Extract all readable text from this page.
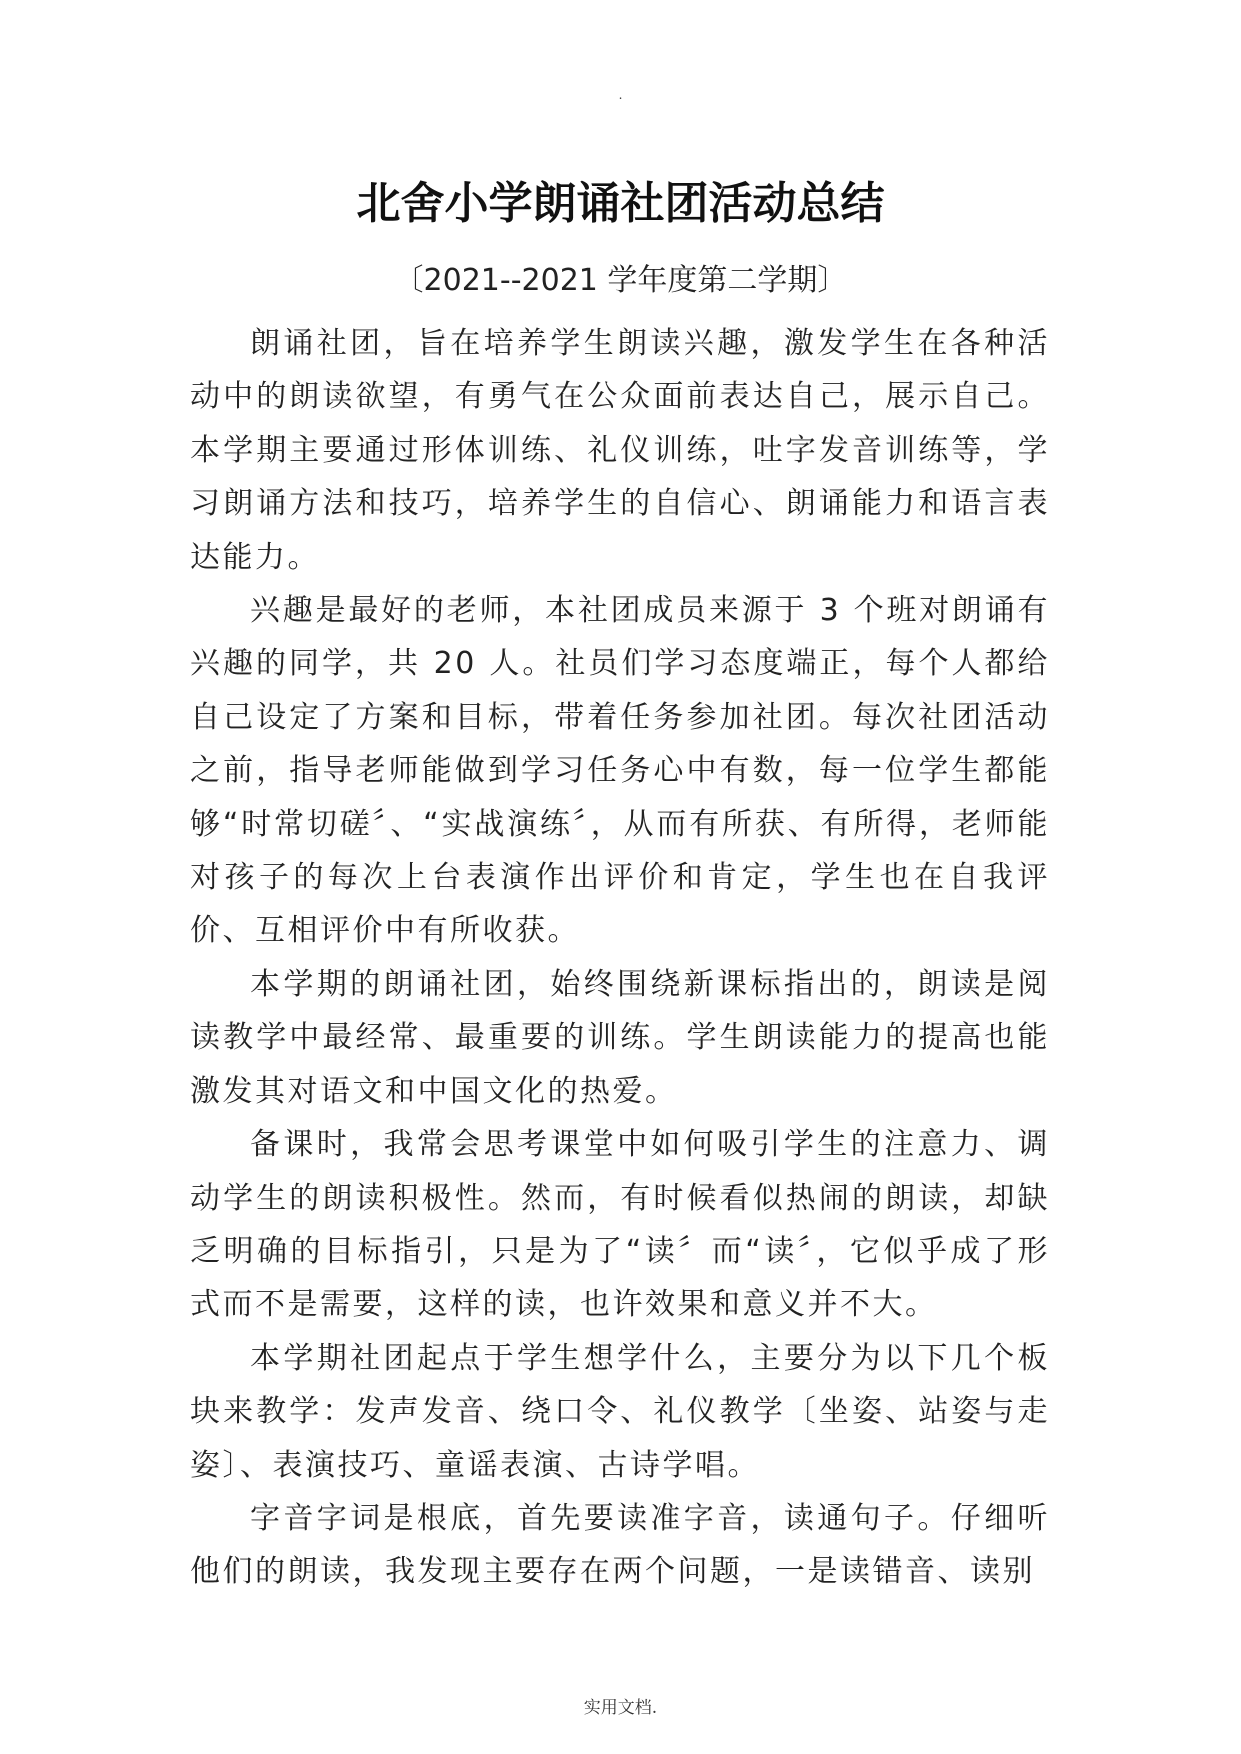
.
北舍小学朗诵社团活动总结
〔2021--2021 学年度第二学期〕

朗诵社团，旨在培养学生朗读兴趣，激发学生在各种活动中的朗读欲望，有勇气在公众面前表达自己，展示自己。本学期主要通过形体训练、礼仪训练，吐字发音训练等，学习朗诵方法和技巧，培养学生的自信心、朗诵能力和语言表达能力。

兴趣是最好的老师，本社团成员来源于 3 个班对朗诵有兴趣的同学，共 20 人。社员们学习态度端正，每个人都给自己设定了方案和目标，带着任务参加社团。每次社团活动之前，指导老师能做到学习任务心中有数，每一位学生都能够“时常切磋〞、“实战演练〞，从而有所获、有所得，老师能对孩子的每次上台表演作出评价和肯定，学生也在自我评价、互相评价中有所收获。

本学期的朗诵社团，始终围绕新课标指出的，朗读是阅读教学中最经常、最重要的训练。学生朗读能力的提高也能激发其对语文和中国文化的热爱。

备课时，我常会思考课堂中如何吸引学生的注意力、调动学生的朗读积极性。然而，有时候看似热闹的朗读，却缺乏明确的目标指引，只是为了“读〞而“读〞，它似乎成了形式而不是需要，这样的读，也许效果和意义并不大。

本学期社团起点于学生想学什么，主要分为以下几个板块来教学：发声发音、绕口令、礼仪教学〔坐姿、站姿与走姿〕、表演技巧、童谣表演、古诗学唱。

字音字词是根底，首先要读准字音，读通句子。仔细听他们的朗读，我发现主要存在两个问题，一是读错音、读别

实用文档.
